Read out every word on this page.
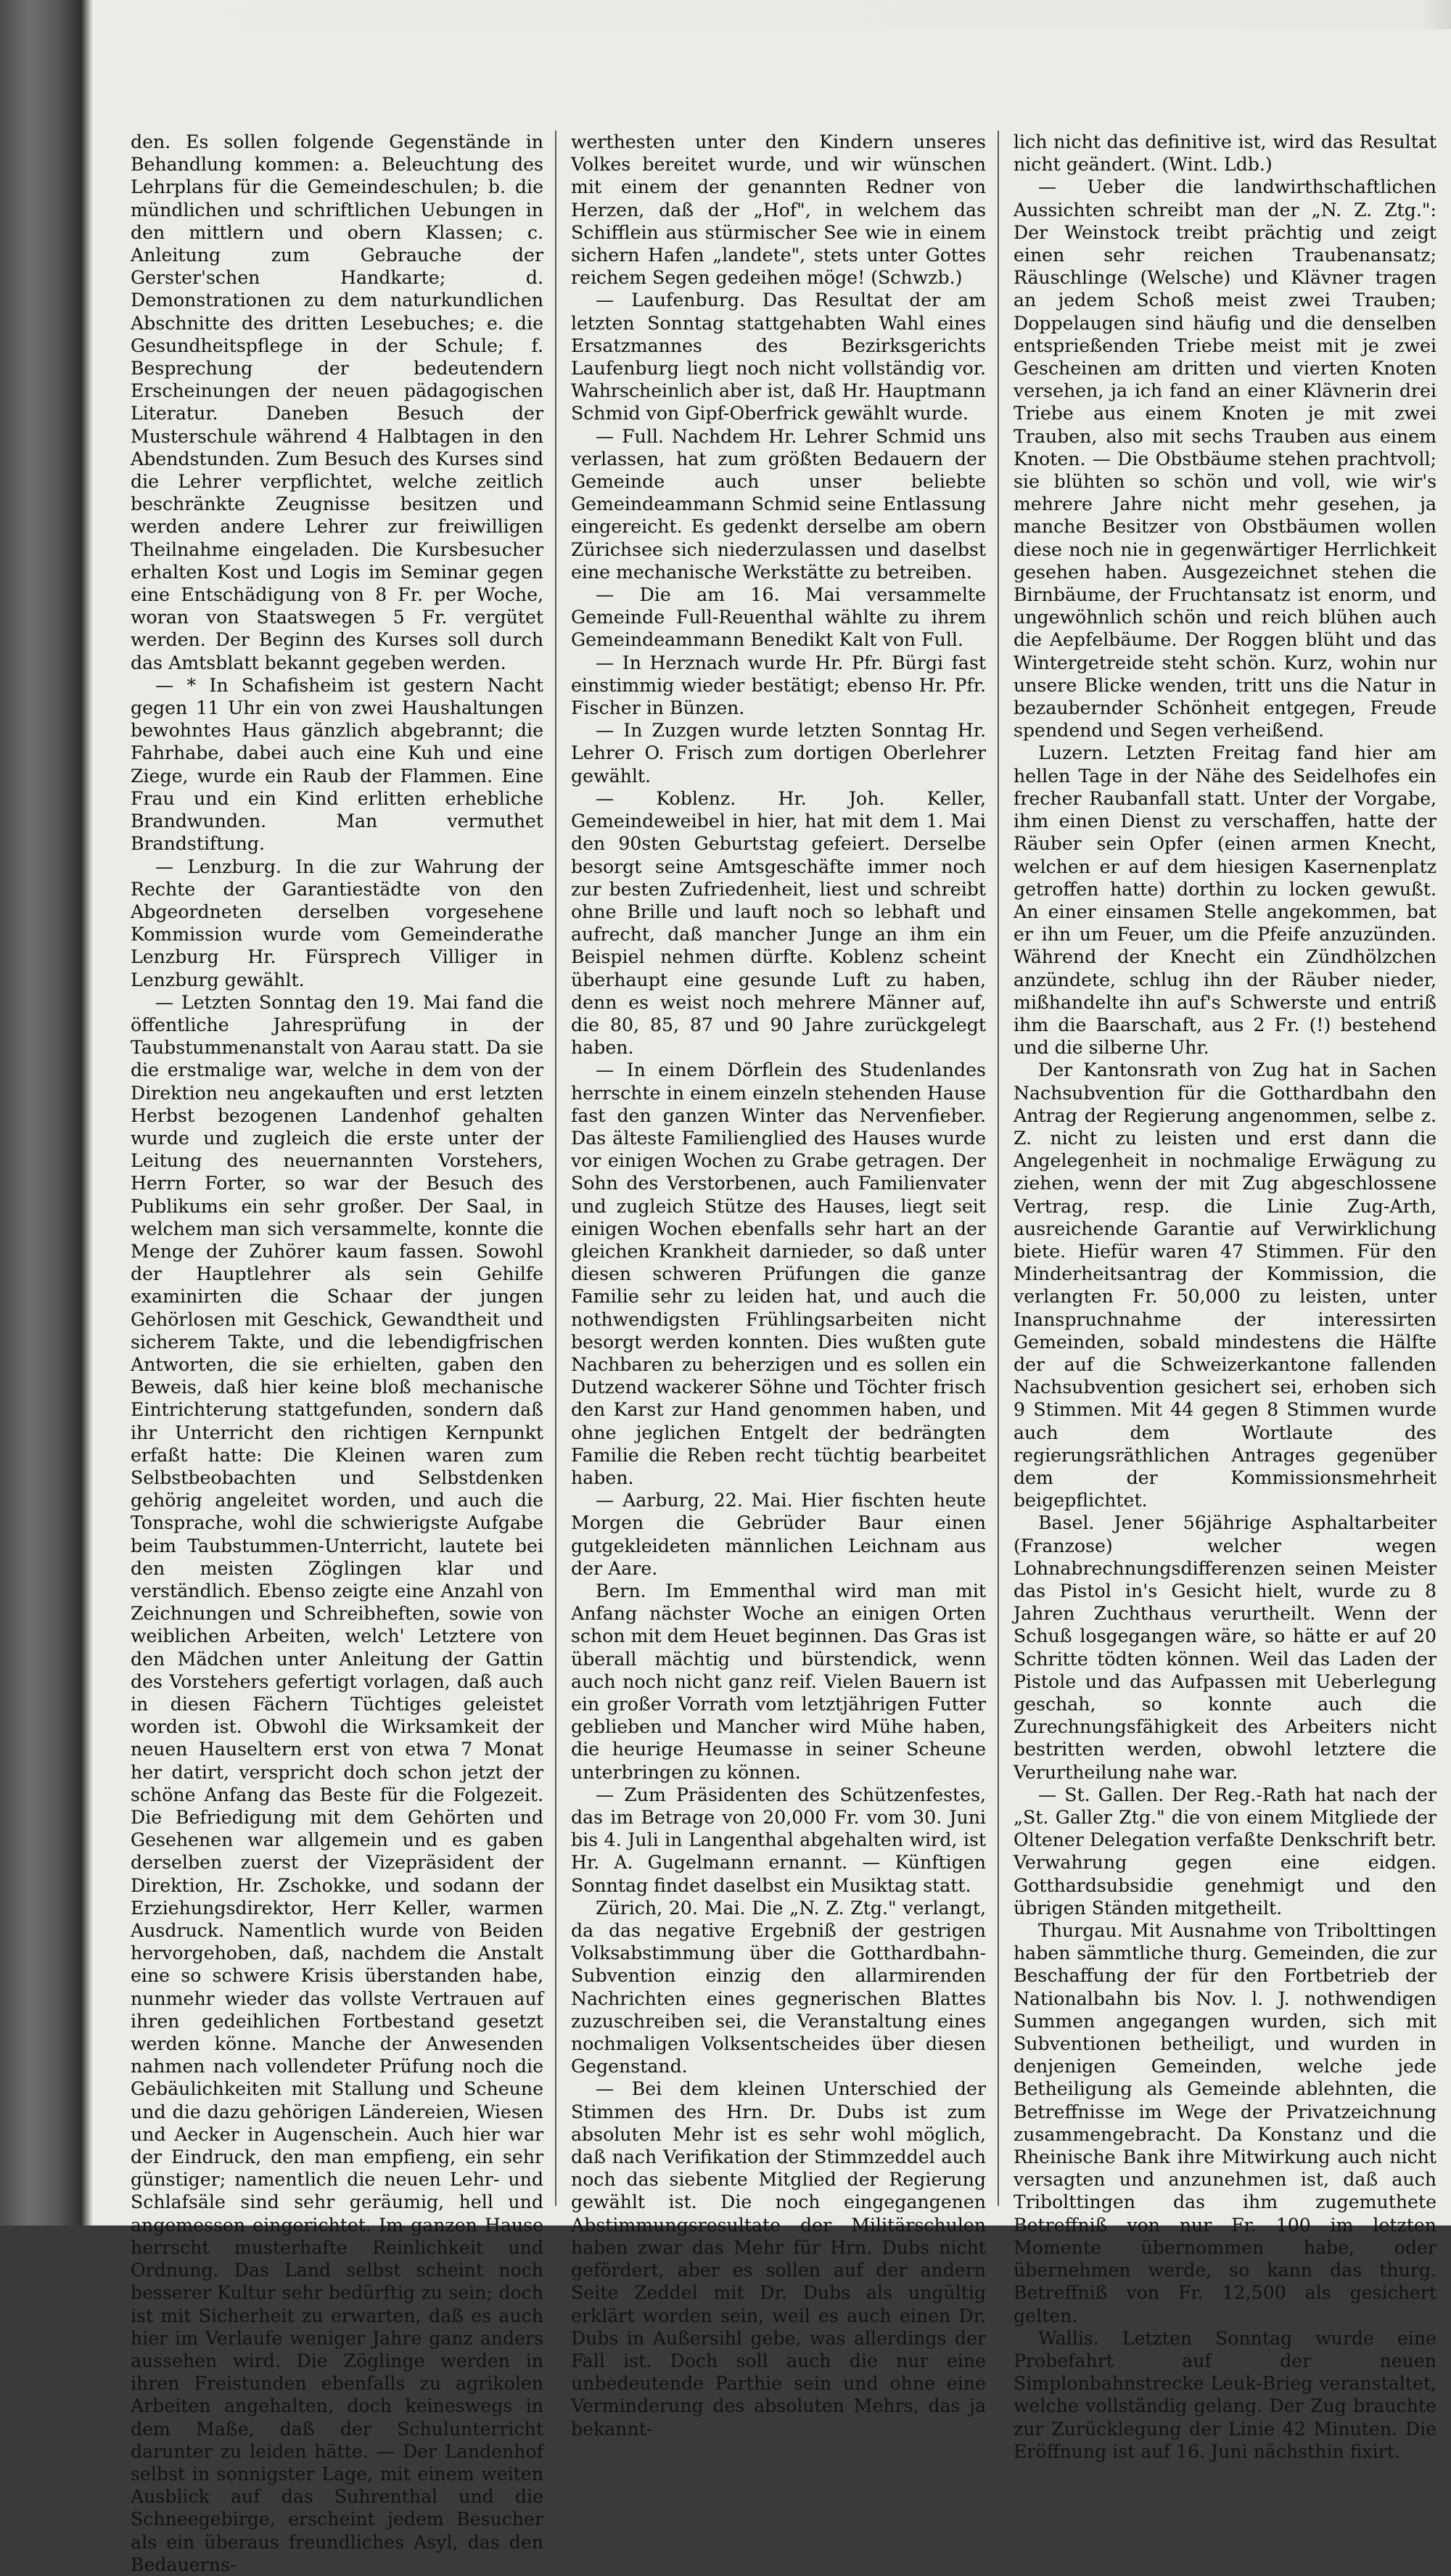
den. Es sollen folgende Gegenstände in Behandlung kommen: a. Beleuchtung des Lehrplans für die Gemeindeschulen; b. die mündlichen und schriftlichen Uebungen in den mittlern und obern Klassen; c. Anleitung zum Gebrauche der Gerster'schen Handkarte; d. Demonstrationen zu dem naturkundlichen Abschnitte des dritten Lesebuches; e. die Gesundheitspflege in der Schule; f. Besprechung der bedeutendern Erscheinungen der neuen pädagogischen Literatur. Daneben Besuch der Musterschule während 4 Halbtagen in den Abendstunden. Zum Besuch des Kurses sind die Lehrer verpflichtet, welche zeitlich beschränkte Zeugnisse besitzen und werden andere Lehrer zur freiwilligen Theilnahme eingeladen. Die Kursbesucher erhalten Kost und Logis im Seminar gegen eine Entschädigung von 8 Fr. per Woche, woran von Staatswegen 5 Fr. vergütet werden. Der Beginn des Kurses soll durch das Amtsblatt bekannt gegeben werden.

— * In Schafisheim ist gestern Nacht gegen 11 Uhr ein von zwei Haushaltungen bewohntes Haus gänzlich abgebrannt; die Fahrhabe, dabei auch eine Kuh und eine Ziege, wurde ein Raub der Flammen. Eine Frau und ein Kind erlitten erhebliche Brandwunden. Man vermuthet Brandstiftung.

— Lenzburg. In die zur Wahrung der Rechte der Garantiestädte von den Abgeordneten derselben vorgesehene Kommission wurde vom Gemeinderathe Lenzburg Hr. Fürsprech Villiger in Lenzburg gewählt.

— Letzten Sonntag den 19. Mai fand die öffentliche Jahresprüfung in der Taubstummenanstalt von Aarau statt. Da sie die erstmalige war, welche in dem von der Direktion neu angekauften und erst letzten Herbst bezogenen Landenhof gehalten wurde und zugleich die erste unter der Leitung des neuernannten Vorstehers, Herrn Forter, so war der Besuch des Publikums ein sehr großer. Der Saal, in welchem man sich versammelte, konnte die Menge der Zuhörer kaum fassen. Sowohl der Hauptlehrer als sein Gehilfe examinirten die Schaar der jungen Gehörlosen mit Geschick, Gewandtheit und sicherem Takte, und die lebendigfrischen Antworten, die sie erhielten, gaben den Beweis, daß hier keine bloß mechanische Eintrichterung stattgefunden, sondern daß ihr Unterricht den richtigen Kernpunkt erfaßt hatte: Die Kleinen waren zum Selbstbeobachten und Selbstdenken gehörig angeleitet worden, und auch die Tonsprache, wohl die schwierigste Aufgabe beim Taubstummen-Unterricht, lautete bei den meisten Zöglingen klar und verständlich. Ebenso zeigte eine Anzahl von Zeichnungen und Schreibheften, sowie von weiblichen Arbeiten, welch' Letztere von den Mädchen unter Anleitung der Gattin des Vorstehers gefertigt vorlagen, daß auch in diesen Fächern Tüchtiges geleistet worden ist. Obwohl die Wirksamkeit der neuen Hauseltern erst von etwa 7 Monat her datirt, verspricht doch schon jetzt der schöne Anfang das Beste für die Folgezeit. Die Befriedigung mit dem Gehörten und Gesehenen war allgemein und es gaben derselben zuerst der Vizepräsident der Direktion, Hr. Zschokke, und sodann der Erziehungsdirektor, Herr Keller, warmen Ausdruck. Namentlich wurde von Beiden hervorgehoben, daß, nachdem die Anstalt eine so schwere Krisis überstanden habe, nunmehr wieder das vollste Vertrauen auf ihren gedeihlichen Fortbestand gesetzt werden könne. Manche der Anwesenden nahmen nach vollendeter Prüfung noch die Gebäulichkeiten mit Stallung und Scheune und die dazu gehörigen Ländereien, Wiesen und Aecker in Augenschein. Auch hier war der Eindruck, den man empfieng, ein sehr günstiger; namentlich die neuen Lehr- und Schlafsäle sind sehr geräumig, hell und angemessen eingerichtet. Im ganzen Hause herrscht musterhafte Reinlichkeit und Ordnung. Das Land selbst scheint noch besserer Kultur sehr bedürftig zu sein; doch ist mit Sicherheit zu erwarten, daß es auch hier im Verlaufe weniger Jahre ganz anders aussehen wird. Die Zöglinge werden in ihren Freistunden ebenfalls zu agrikolen Arbeiten angehalten, doch keineswegs in dem Maße, daß der Schulunterricht darunter zu leiden hätte. — Der Landenhof selbst in sonnigster Lage, mit einem weiten Ausblick auf das Suhrenthal und die Schneegebirge, erscheint jedem Besucher als ein überaus freundliches Asyl, das den Bedauerns-

werthesten unter den Kindern unseres Volkes bereitet wurde, und wir wünschen mit einem der genannten Redner von Herzen, daß der „Hof", in welchem das Schifflein aus stürmischer See wie in einem sichern Hafen „landete", stets unter Gottes reichem Segen gedeihen möge! (Schwzb.)

— Laufenburg. Das Resultat der am letzten Sonntag stattgehabten Wahl eines Ersatzmannes des Bezirksgerichts Laufenburg liegt noch nicht vollständig vor. Wahrscheinlich aber ist, daß Hr. Hauptmann Schmid von Gipf-Oberfrick gewählt wurde.

— Full. Nachdem Hr. Lehrer Schmid uns verlassen, hat zum größten Bedauern der Gemeinde auch unser beliebte Gemeindeammann Schmid seine Entlassung eingereicht. Es gedenkt derselbe am obern Zürichsee sich niederzulassen und daselbst eine mechanische Werkstätte zu betreiben.

— Die am 16. Mai versammelte Gemeinde Full-Reuenthal wählte zu ihrem Gemeindeammann Benedikt Kalt von Full.

— In Herznach wurde Hr. Pfr. Bürgi fast einstimmig wieder bestätigt; ebenso Hr. Pfr. Fischer in Bünzen.

— In Zuzgen wurde letzten Sonntag Hr. Lehrer O. Frisch zum dortigen Oberlehrer gewählt.

— Koblenz. Hr. Joh. Keller, Gemeindeweibel in hier, hat mit dem 1. Mai den 90sten Geburtstag gefeiert. Derselbe besorgt seine Amtsgeschäfte immer noch zur besten Zufriedenheit, liest und schreibt ohne Brille und lauft noch so lebhaft und aufrecht, daß mancher Junge an ihm ein Beispiel nehmen dürfte. Koblenz scheint überhaupt eine gesunde Luft zu haben, denn es weist noch mehrere Männer auf, die 80, 85, 87 und 90 Jahre zurückgelegt haben.

— In einem Dörflein des Studenlandes herrschte in einem einzeln stehenden Hause fast den ganzen Winter das Nervenfieber. Das älteste Familienglied des Hauses wurde vor einigen Wochen zu Grabe getragen. Der Sohn des Verstorbenen, auch Familienvater und zugleich Stütze des Hauses, liegt seit einigen Wochen ebenfalls sehr hart an der gleichen Krankheit darnieder, so daß unter diesen schweren Prüfungen die ganze Familie sehr zu leiden hat, und auch die nothwendigsten Frühlingsarbeiten nicht besorgt werden konnten. Dies wußten gute Nachbaren zu beherzigen und es sollen ein Dutzend wackerer Söhne und Töchter frisch den Karst zur Hand genommen haben, und ohne jeglichen Entgelt der bedrängten Familie die Reben recht tüchtig bearbeitet haben.

— Aarburg, 22. Mai. Hier fischten heute Morgen die Gebrüder Baur einen gutgekleideten männlichen Leichnam aus der Aare.

Bern. Im Emmenthal wird man mit Anfang nächster Woche an einigen Orten schon mit dem Heuet beginnen. Das Gras ist überall mächtig und bürstendick, wenn auch noch nicht ganz reif. Vielen Bauern ist ein großer Vorrath vom letztjährigen Futter geblieben und Mancher wird Mühe haben, die heurige Heumasse in seiner Scheune unterbringen zu können.

— Zum Präsidenten des Schützenfestes, das im Betrage von 20,000 Fr. vom 30. Juni bis 4. Juli in Langenthal abgehalten wird, ist Hr. A. Gugelmann ernannt. — Künftigen Sonntag findet daselbst ein Musiktag statt.

Zürich, 20. Mai. Die „N. Z. Ztg." verlangt, da das negative Ergebniß der gestrigen Volksabstimmung über die Gotthardbahn-Subvention einzig den allarmirenden Nachrichten eines gegnerischen Blattes zuzuschreiben sei, die Veranstaltung eines nochmaligen Volksentscheides über diesen Gegenstand.

— Bei dem kleinen Unterschied der Stimmen des Hrn. Dr. Dubs ist zum absoluten Mehr ist es sehr wohl möglich, daß nach Verifikation der Stimmzeddel auch noch das siebente Mitglied der Regierung gewählt ist. Die noch eingegangenen Abstimmungsresultate der Militärschulen haben zwar das Mehr für Hrn. Dubs nicht gefördert, aber es sollen auf der andern Seite Zeddel mit Dr. Dubs als ungültig erklärt worden sein, weil es auch einen Dr. Dubs in Außersihl gebe, was allerdings der Fall ist. Doch soll auch die nur eine unbedeutende Parthie sein und ohne eine Verminderung des absoluten Mehrs, das ja bekannt-

lich nicht das definitive ist, wird das Resultat nicht geändert. (Wint. Ldb.)

— Ueber die landwirthschaftlichen Aussichten schreibt man der „N. Z. Ztg.": Der Weinstock treibt prächtig und zeigt einen sehr reichen Traubenansatz; Räuschlinge (Welsche) und Klävner tragen an jedem Schoß meist zwei Trauben; Doppelaugen sind häufig und die denselben entsprießenden Triebe meist mit je zwei Gescheinen am dritten und vierten Knoten versehen, ja ich fand an einer Klävnerin drei Triebe aus einem Knoten je mit zwei Trauben, also mit sechs Trauben aus einem Knoten. — Die Obstbäume stehen prachtvoll; sie blühten so schön und voll, wie wir's mehrere Jahre nicht mehr gesehen, ja manche Besitzer von Obstbäumen wollen diese noch nie in gegenwärtiger Herrlichkeit gesehen haben. Ausgezeichnet stehen die Birnbäume, der Fruchtansatz ist enorm, und ungewöhnlich schön und reich blühen auch die Aepfelbäume. Der Roggen blüht und das Wintergetreide steht schön. Kurz, wohin nur unsere Blicke wenden, tritt uns die Natur in bezaubernder Schönheit entgegen, Freude spendend und Segen verheißend.

Luzern. Letzten Freitag fand hier am hellen Tage in der Nähe des Seidelhofes ein frecher Raubanfall statt. Unter der Vorgabe, ihm einen Dienst zu verschaffen, hatte der Räuber sein Opfer (einen armen Knecht, welchen er auf dem hiesigen Kasernenplatz getroffen hatte) dorthin zu locken gewußt. An einer einsamen Stelle angekommen, bat er ihn um Feuer, um die Pfeife anzuzünden. Während der Knecht ein Zündhölzchen anzündete, schlug ihn der Räuber nieder, mißhandelte ihn auf's Schwerste und entriß ihm die Baarschaft, aus 2 Fr. (!) bestehend und die silberne Uhr.

Der Kantonsrath von Zug hat in Sachen Nachsubvention für die Gotthardbahn den Antrag der Regierung angenommen, selbe z. Z. nicht zu leisten und erst dann die Angelegenheit in nochmalige Erwägung zu ziehen, wenn der mit Zug abgeschlossene Vertrag, resp. die Linie Zug-Arth, ausreichende Garantie auf Verwirklichung biete. Hiefür waren 47 Stimmen. Für den Minderheitsantrag der Kommission, die verlangten Fr. 50,000 zu leisten, unter Inanspruchnahme der interessirten Gemeinden, sobald mindestens die Hälfte der auf die Schweizerkantone fallenden Nachsubvention gesichert sei, erhoben sich 9 Stimmen. Mit 44 gegen 8 Stimmen wurde auch dem Wortlaute des regierungsräthlichen Antrages gegenüber dem der Kommissionsmehrheit beigepflichtet.

Basel. Jener 56jährige Asphaltarbeiter (Franzose) welcher wegen Lohnabrechnungsdifferenzen seinen Meister das Pistol in's Gesicht hielt, wurde zu 8 Jahren Zuchthaus verurtheilt. Wenn der Schuß losgegangen wäre, so hätte er auf 20 Schritte tödten können. Weil das Laden der Pistole und das Aufpassen mit Ueberlegung geschah, so konnte auch die Zurechnungsfähigkeit des Arbeiters nicht bestritten werden, obwohl letztere die Verurtheilung nahe war.

— St. Gallen. Der Reg.-Rath hat nach der „St. Galler Ztg." die von einem Mitgliede der Oltener Delegation verfaßte Denkschrift betr. Verwahrung gegen eine eidgen. Gotthardsubsidie genehmigt und den übrigen Ständen mitgetheilt.

Thurgau. Mit Ausnahme von Tribolttingen haben sämmtliche thurg. Gemeinden, die zur Beschaffung der für den Fortbetrieb der Nationalbahn bis Nov. l. J. nothwendigen Summen angegangen wurden, sich mit Subventionen betheiligt, und wurden in denjenigen Gemeinden, welche jede Betheiligung als Gemeinde ablehnten, die Betreffnisse im Wege der Privatzeichnung zusammengebracht. Da Konstanz und die Rheinische Bank ihre Mitwirkung auch nicht versagten und anzunehmen ist, daß auch Tribolttingen das ihm zugemuthete Betreffniß von nur Fr. 100 im letzten Momente übernommen habe, oder übernehmen werde, so kann das thurg. Betreffniß von Fr. 12,500 als gesichert gelten.

Wallis. Letzten Sonntag wurde eine Probefahrt auf der neuen Simplonbahnstrecke Leuk-Brieg veranstaltet, welche vollständig gelang. Der Zug brauchte zur Zurücklegung der Linie 42 Minuten. Die Eröffnung ist auf 16. Juni nächsthin fixirt.
